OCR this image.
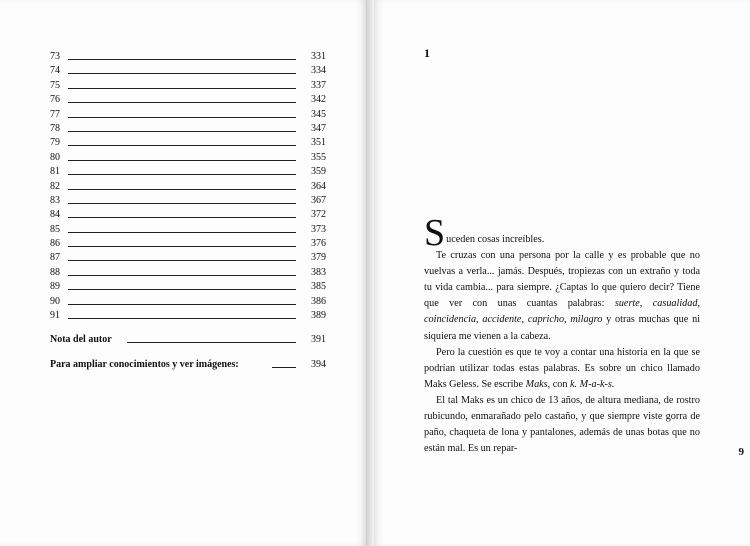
73	331
74	334
75	337
76	342
77	345
78	347
79	351
80	355
81	359
82	364
83	367
84	372
85	373
86	376
87	379
88	383
89	385
90	386
91	389
Nota del autor	391
Para ampliar conocimientos y ver imágenes:	394
1

S uceden cosas increíbles.

Te cruzas con una persona por la calle y es probable que no vuelvas a verla... jamás. Después, tropiezas con un extraño y toda tu vida cambia... para siempre. ¿Captas lo que quiero decir? Tiene que ver con unas cuantas palabras: suerte, casualidad, coincidencia, accidente, capricho, milagro y otras muchas que ni siquiera me vienen a la cabeza.

Pero la cuestión es que te voy a contar una historia en la que se podrían utilizar todas estas palabras. Es sobre un chico llamado Maks Geless. Se escribe Maks, con k. M-a-k-s.

El tal Maks es un chico de 13 años, de altura mediana, de rostro rubicundo, enmarañado pelo castaño, y que siempre viste gorra de paño, chaqueta de lona y pantalones, además de unas botas que no están mal. Es un repar-	9
